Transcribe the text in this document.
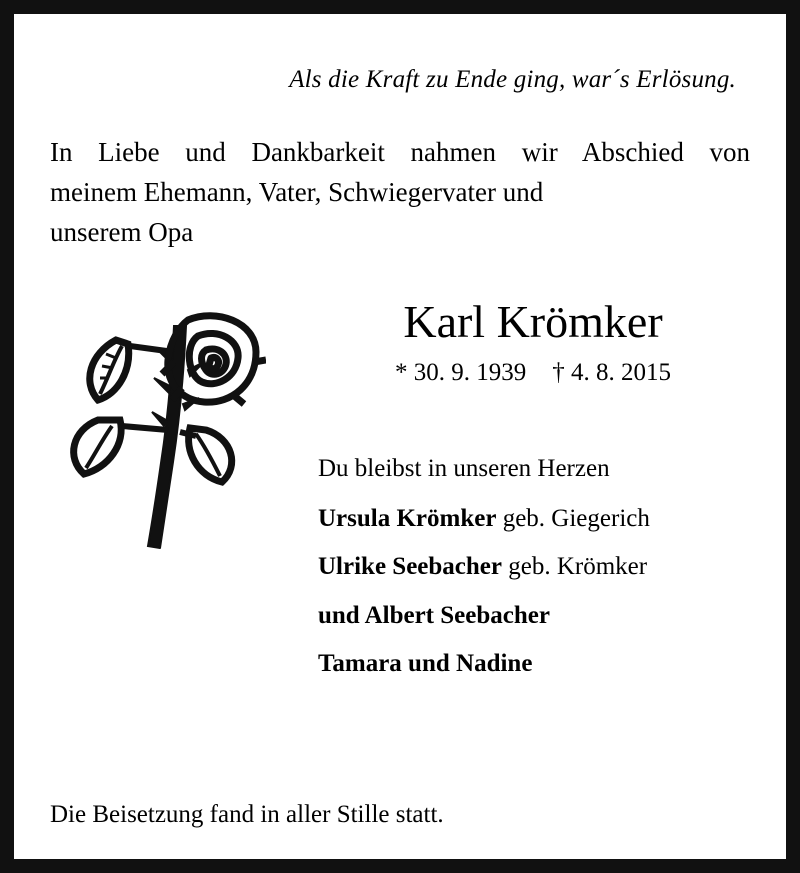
Als die Kraft zu Ende ging, war´s Erlösung.
In Liebe und Dankbarkeit nahmen wir Abschied von
meinem Ehemann, Vater, Schwiegervater und
unserem Opa
Karl Krömker
* 30. 9. 1939 † 4. 8. 2015
Du bleibst in unseren Herzen
Ursula Krömker geb. Giegerich
Ulrike Seebacher geb. Krömker
und Albert Seebacher
Tamara und Nadine
Die Beisetzung fand in aller Stille statt.
